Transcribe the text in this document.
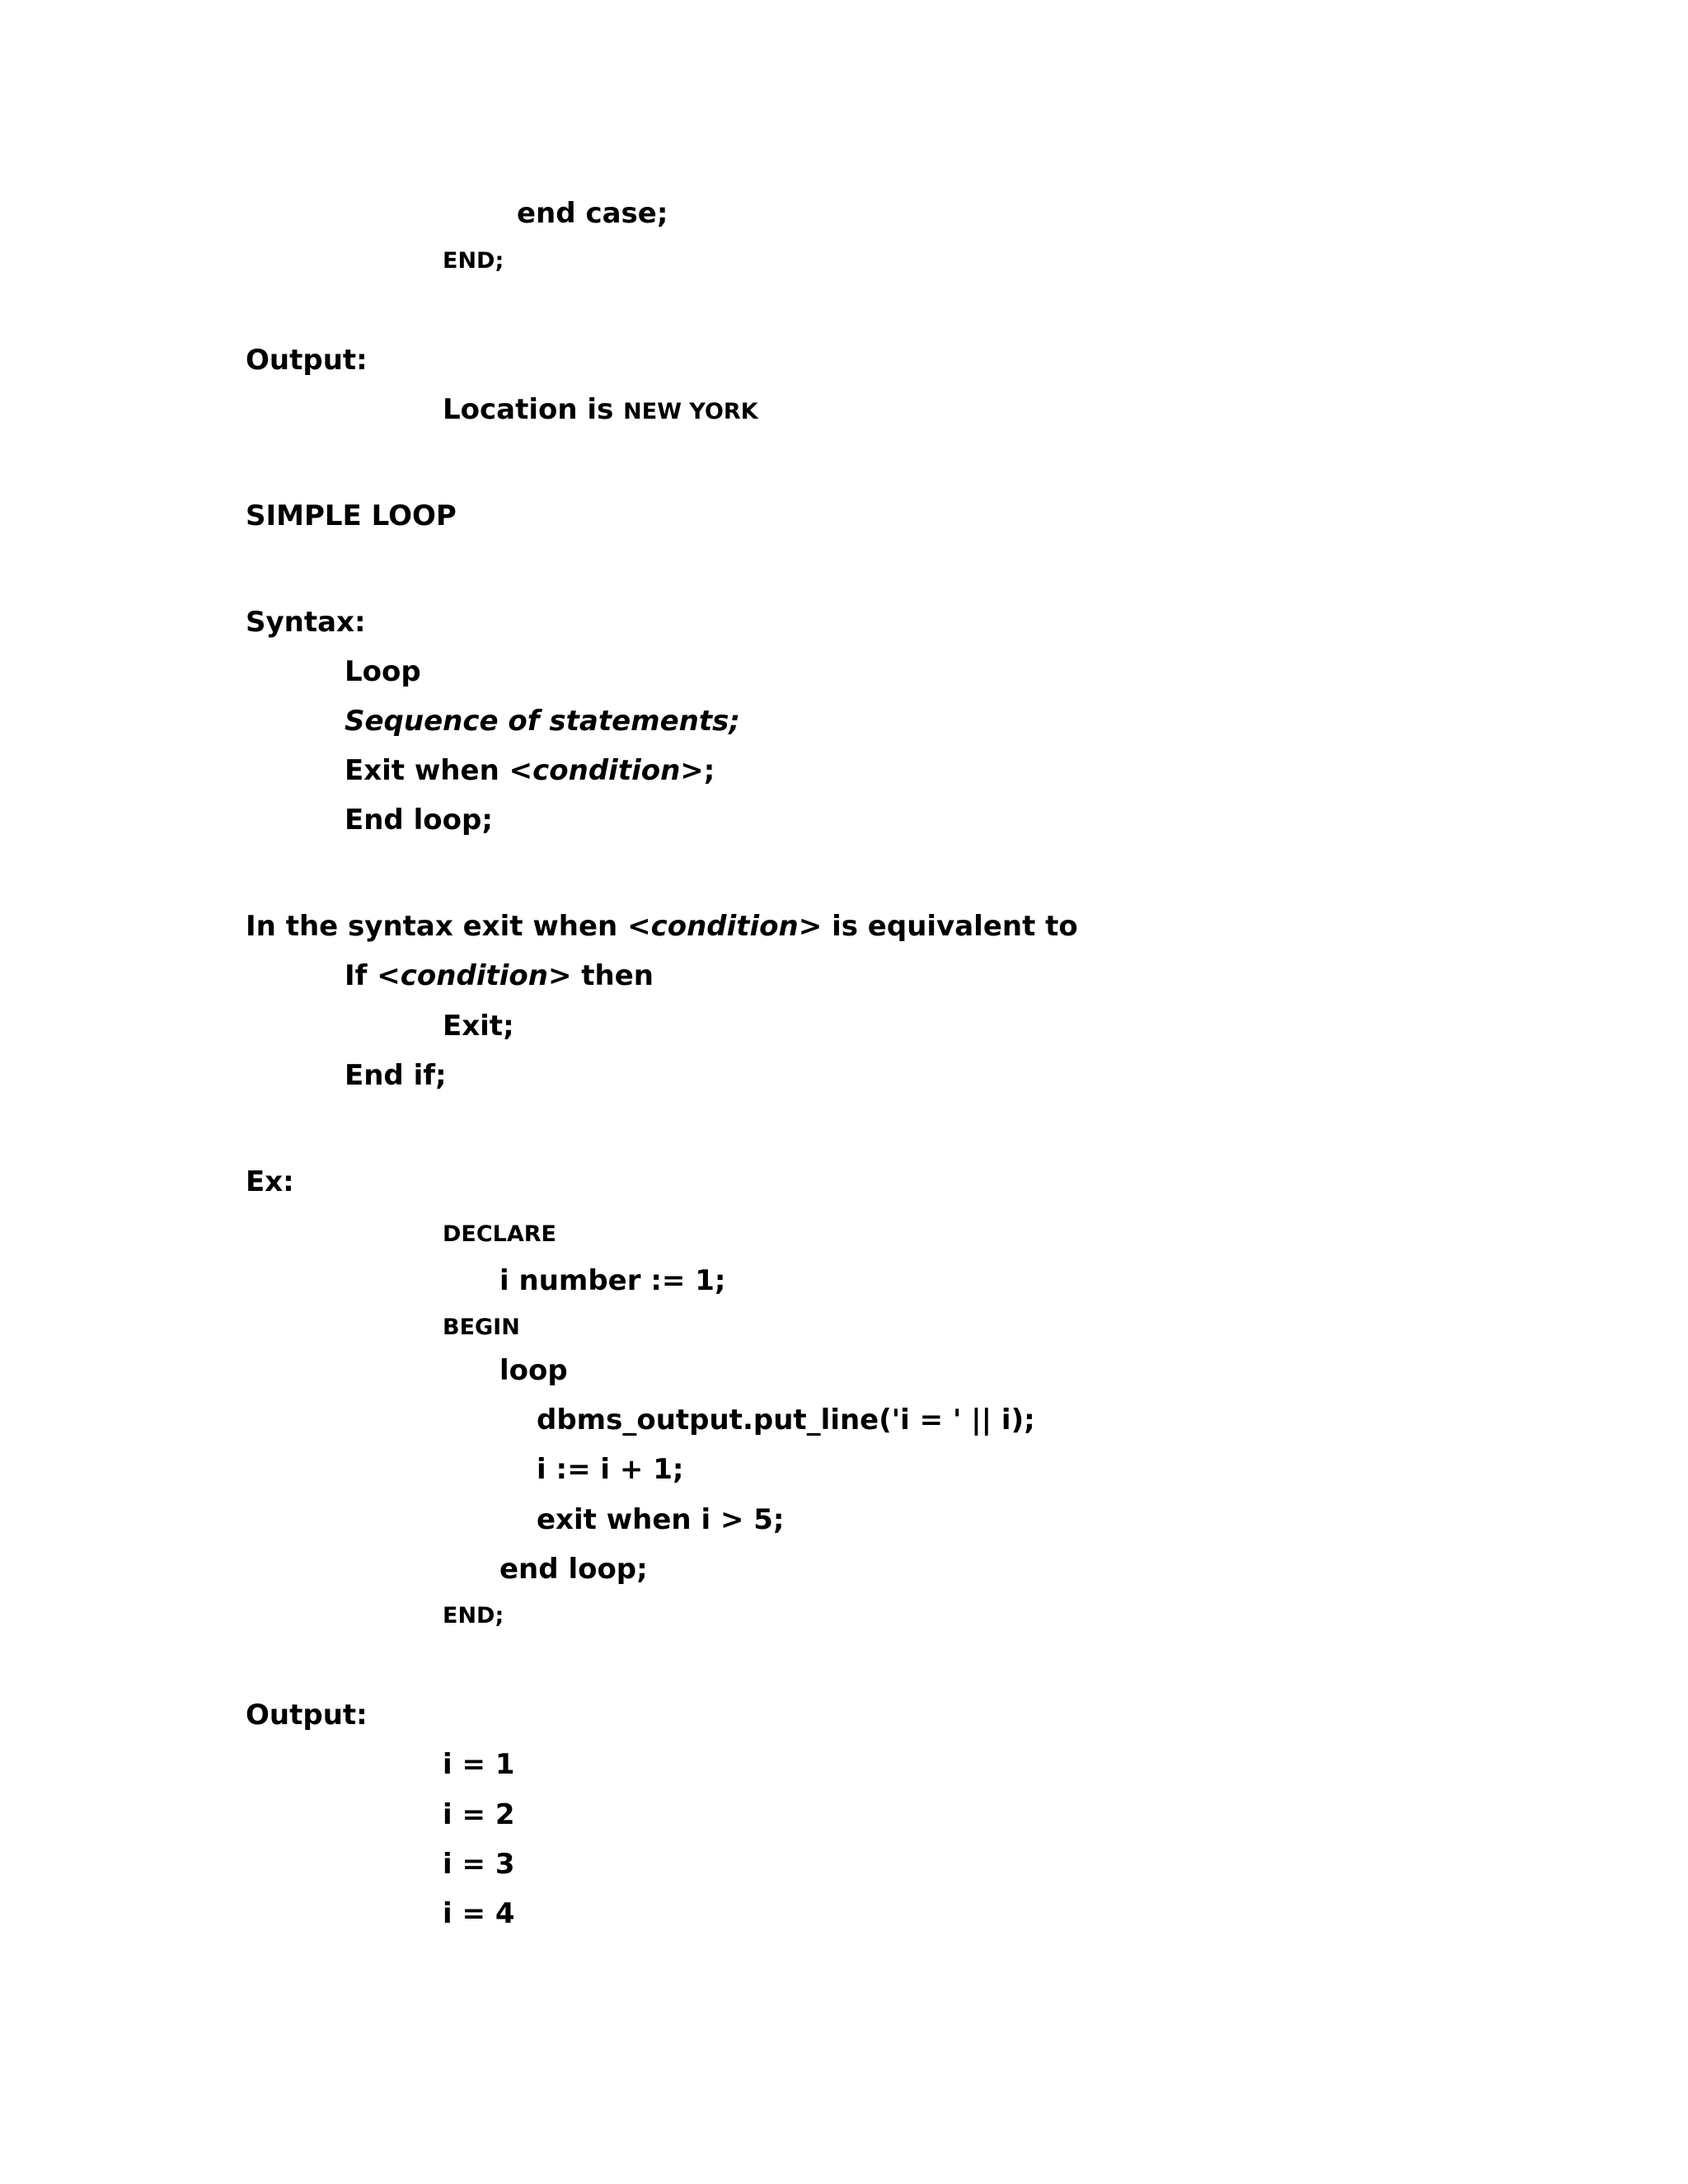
end case;
END;
Output:
Location is NEW YORK
SIMPLE LOOP
Syntax:
Loop
Sequence of statements;
Exit when <condition>;
End loop;
In the syntax exit when <condition> is equivalent to
If <condition> then
Exit;
End if;
Ex:
DECLARE
i number := 1;
BEGIN
loop
dbms_output.put_line('i = ' || i);
i := i + 1;
exit when i > 5;
end loop;
END;
Output:
i = 1
i = 2
i = 3
i = 4
